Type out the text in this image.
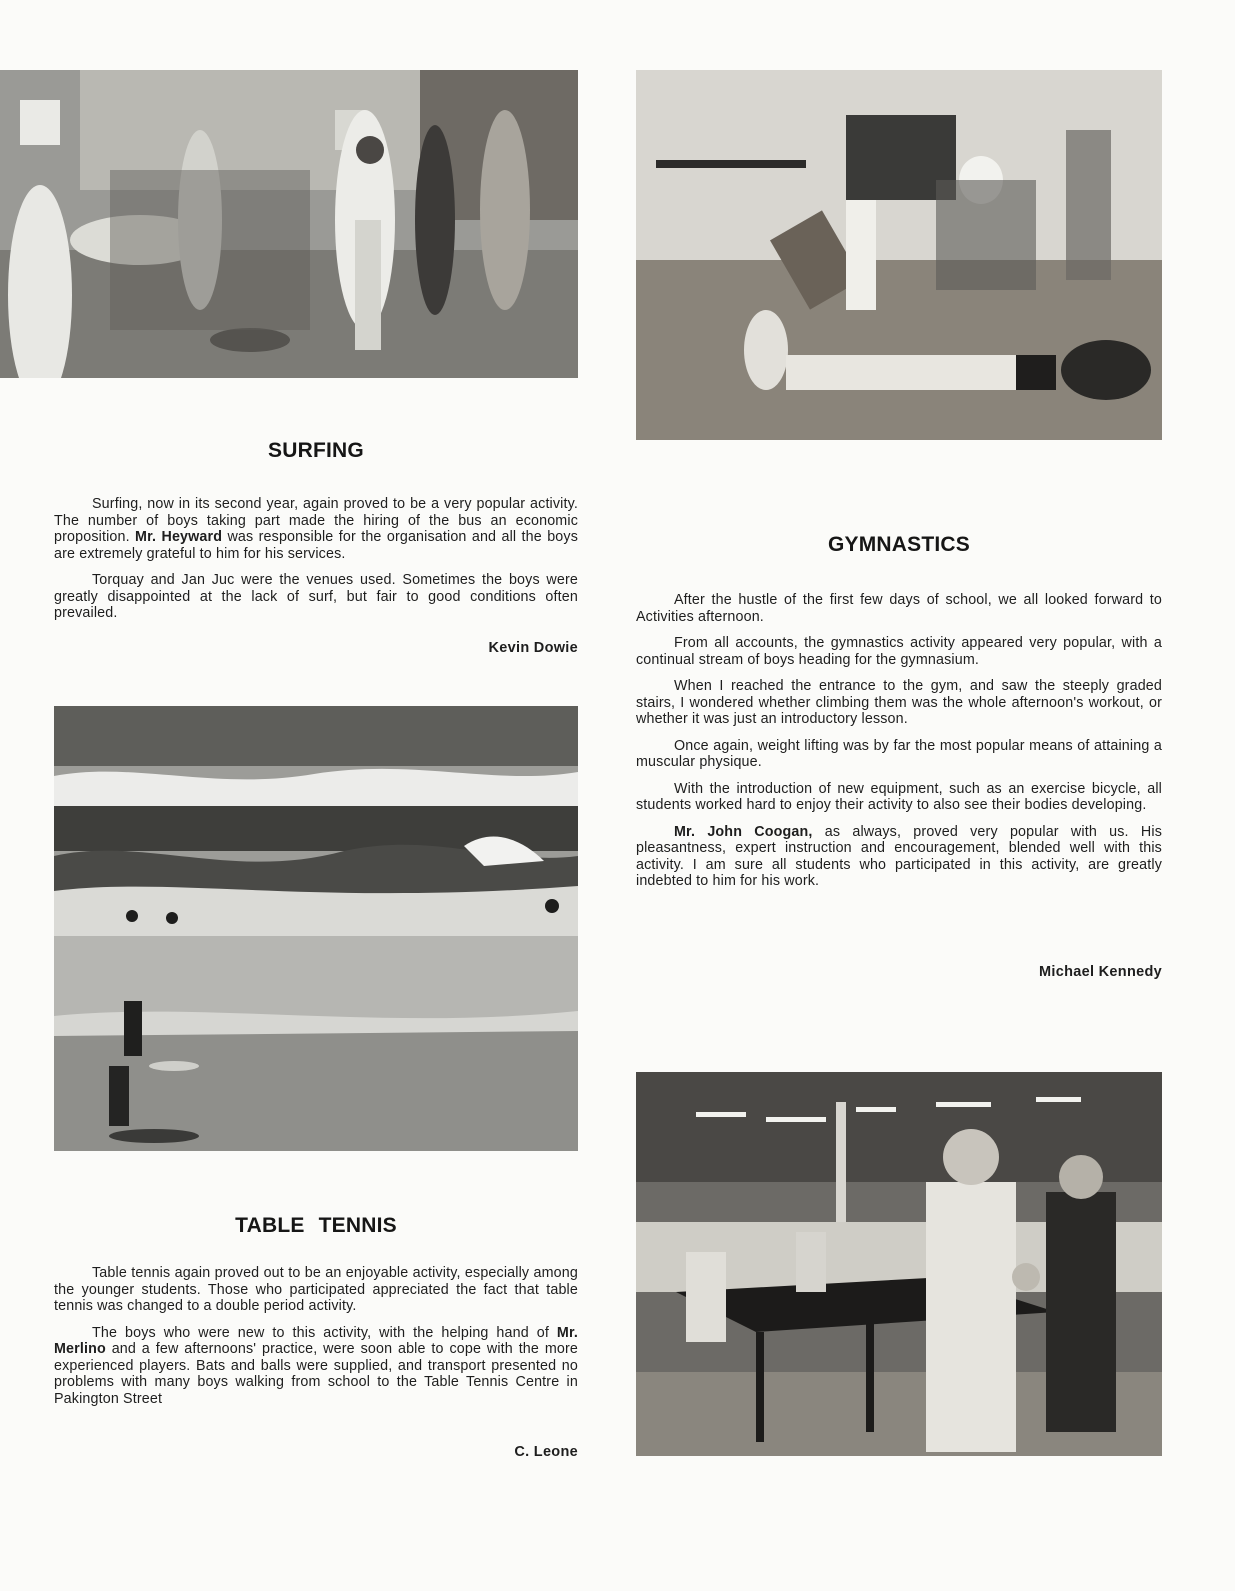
SURFING

Surfing, now in its second year, again proved to be a very popular activity. The number of boys taking part made the hiring of the bus an economic proposition. Mr. Heyward was responsible for the organisation and all the boys are extremely grateful to him for his services.

Torquay and Jan Juc were the venues used. Sometimes the boys were greatly disappointed at the lack of surf, but fair to good conditions often prevailed.

Kevin Dowie
GYMNASTICS

After the hustle of the first few days of school, we all looked forward to Activities afternoon.

From all accounts, the gymnastics activity appeared very popular, with a continual stream of boys heading for the gymnasium.

When I reached the entrance to the gym, and saw the steeply graded stairs, I wondered whether climbing them was the whole afternoon's workout, or whether it was just an introductory lesson.

Once again, weight lifting was by far the most popular means of attaining a muscular physique.

With the introduction of new equipment, such as an exercise bicycle, all students worked hard to enjoy their activity to also see their bodies developing.

Mr. John Coogan, as always, proved very popular with us. His pleasantness, expert instruction and encouragement, blended well with this activity. I am sure all students who participated in this activity, are greatly indebted to him for his work.

Michael Kennedy
TABLE TENNIS

Table tennis again proved out to be an enjoyable activity, especially among the younger students. Those who participated appreciated the fact that table tennis was changed to a double period activity.

The boys who were new to this activity, with the helping hand of Mr. Merlino and a few afternoons' practice, were soon able to cope with the more experienced players. Bats and balls were supplied, and transport presented no problems with many boys walking from school to the Table Tennis Centre in Pakington Street

C. Leone
